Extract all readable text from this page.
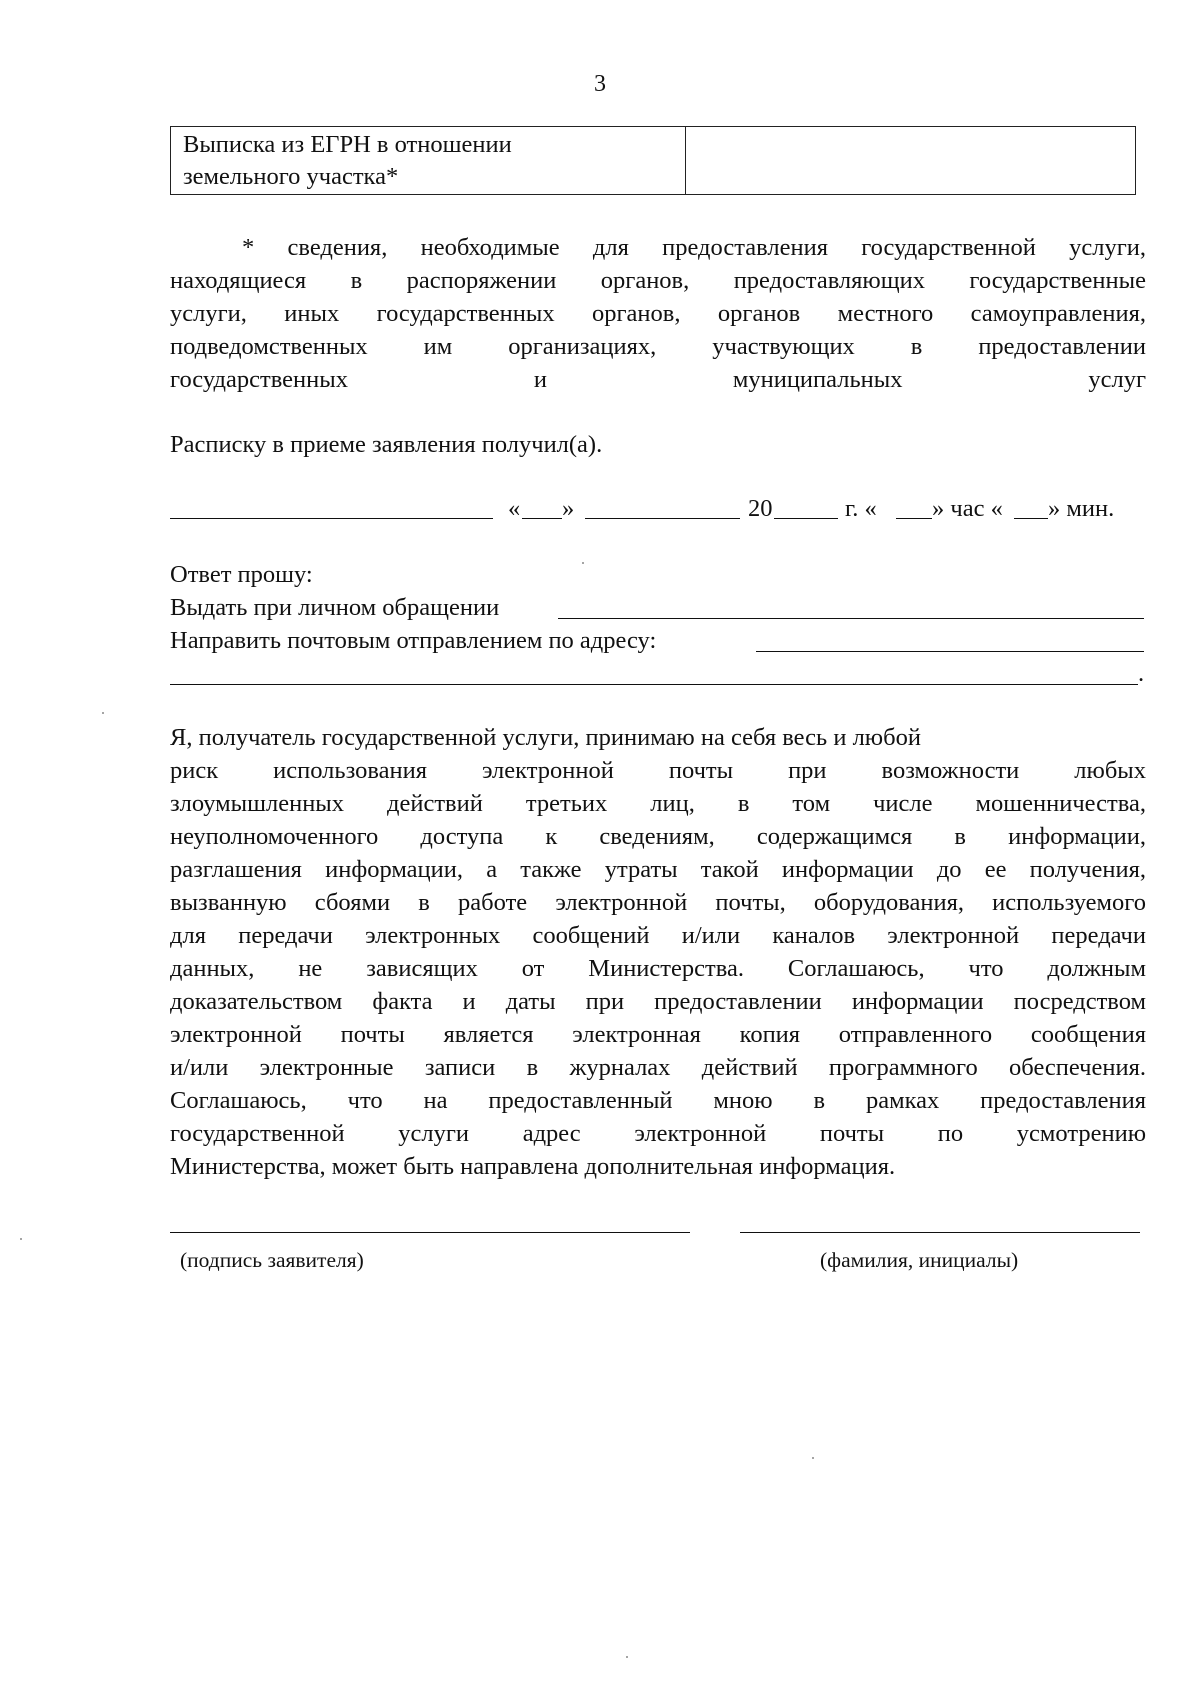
3
Выписка из ЕГРН в отношении
земельного участка*
* сведения, необходимые для предоставления государственной услуги,
находящиеся в распоряжении органов, предоставляющих государственные
услуги, иных государственных органов, органов местного самоуправления,
подведомственных им организациях, участвующих в предоставлении
государственных и муниципальных услуг
Расписку в приеме заявления получил(а).
« »	20	г. « » час « » мин.
Ответ прошу:
Выдать при личном обращении
Направить почтовым отправлением по адресу:
.
Я, получатель государственной услуги, принимаю на себя весь и любой
риск использования электронной почты при возможности любых
злоумышленных действий третьих лиц, в том числе мошенничества,
неуполномоченного доступа к сведениям, содержащимся в информации,
разглашения информации, а также утраты такой информации до ее получения,
вызванную сбоями в работе электронной почты, оборудования, используемого
для передачи электронных сообщений и/или каналов электронной передачи
данных, не зависящих от Министерства. Соглашаюсь, что должным
доказательством факта и даты при предоставлении информации посредством
электронной почты является электронная копия отправленного сообщения
и/или электронные записи в журналах действий программного обеспечения.
Соглашаюсь, что на предоставленный мною в рамках предоставления
государственной услуги адрес электронной почты по усмотрению
Министерства, может быть направлена дополнительная информация.
(подпись заявителя)	(фамилия, инициалы)
